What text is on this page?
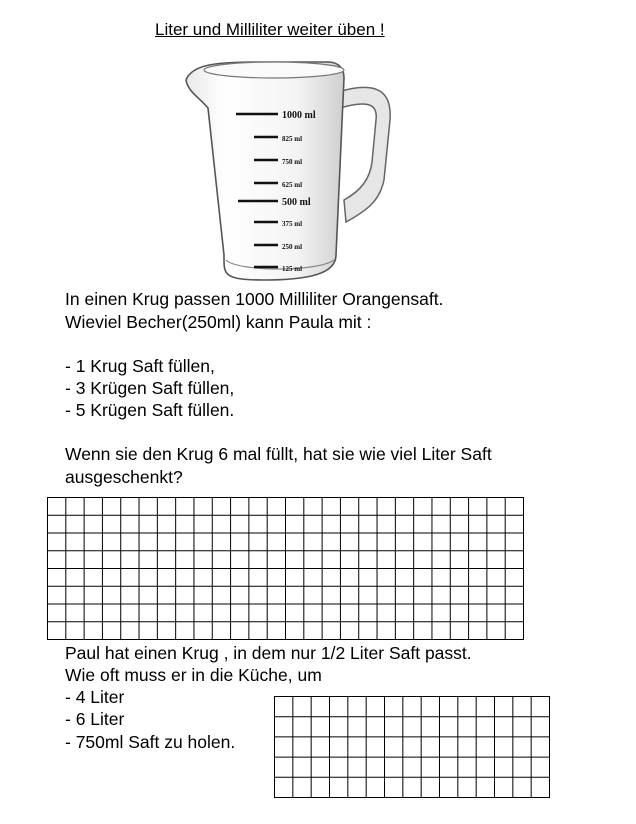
Liter und Milliliter weiter üben !
1000 ml
825 ml
750 ml
625 ml
500 ml
375 ml
250 ml
125 ml
In einen Krug passen 1000 Milliliter Orangensaft.
Wieviel Becher(250ml) kann Paula mit :
- 1 Krug Saft füllen,
- 3 Krügen Saft füllen,
- 5 Krügen Saft füllen.
Wenn sie den Krug 6 mal füllt, hat sie wie viel Liter Saft
ausgeschenkt?
Paul hat einen Krug , in dem nur 1/2 Liter Saft passt.
Wie oft muss er in die Küche, um
- 4 Liter
- 6 Liter
- 750ml Saft zu holen.
